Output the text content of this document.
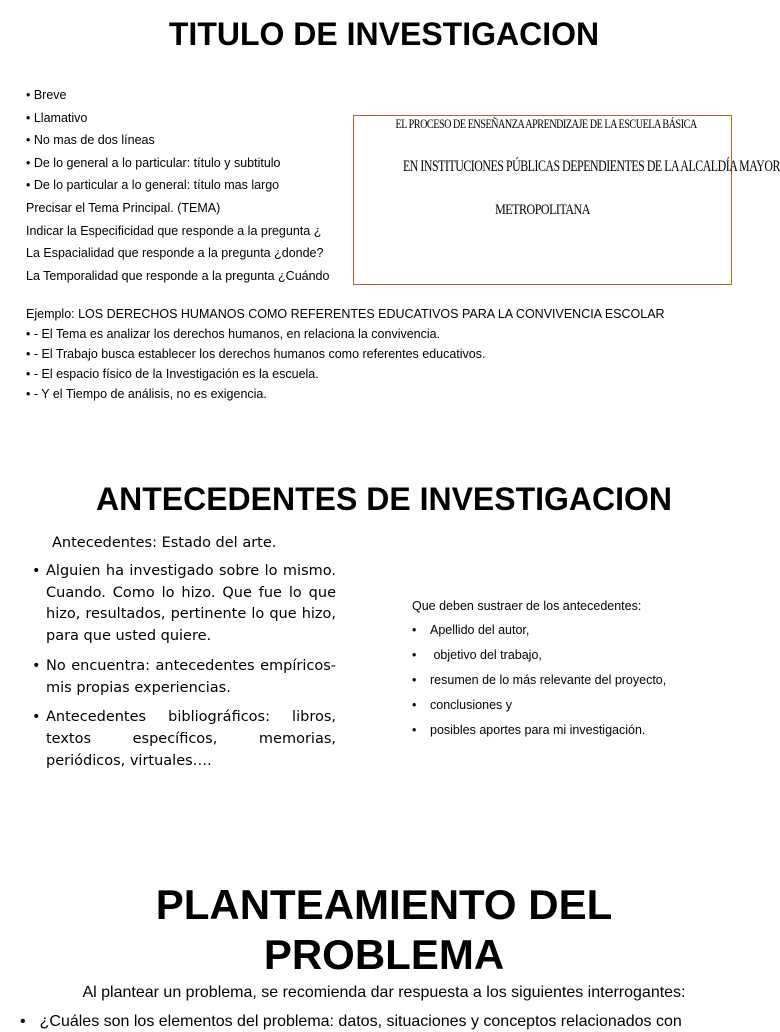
TITULO DE INVESTIGACION
• Breve
• Llamativo
• No mas de dos líneas
• De lo general a lo particular: título y subtitulo
• De lo particular a lo general: título mas largo
Precisar el Tema Principal. (TEMA)
Indicar la Especificidad que responde a la pregunta ¿
La Espacialidad que responde a la pregunta ¿donde?
La Temporalidad que responde a la pregunta ¿Cuándo
EL PROCESO DE ENSEÑANZA APRENDIZAJE DE LA ESCUELA BÁSICA
EN INSTITUCIONES PÚBLICAS DEPENDIENTES DE LA ALCALDÍA MAYOR
METROPOLITANA
Ejemplo: LOS DERECHOS HUMANOS COMO REFERENTES EDUCATIVOS PARA LA CONVIVENCIA ESCOLAR
• - El Tema es analizar los derechos humanos, en relaciona la convivencia.
• - El Trabajo busca establecer los derechos humanos como referentes educativos.
• - El espacio físico de la Investigación es la escuela.
• - Y el Tiempo de análisis, no es exigencia.
ANTECEDENTES DE INVESTIGACION
Antecedentes: Estado del arte.
• Alguien ha investigado sobre lo mismo. Cuando. Como lo hizo. Que fue lo que hizo, resultados, pertinente lo que hizo, para que usted quiere.
• No encuentra: antecedentes empíricos- mis propias experiencias.
• Antecedentes bibliográficos: libros, textos específicos, memorias, periódicos, virtuales….
Que deben sustraer de los antecedentes:
• Apellido del autor,
• objetivo del trabajo,
• resumen de lo más relevante del proyecto,
• conclusiones y
• posibles aportes para mi investigación.
PLANTEAMIENTO DEL
PROBLEMA
Al plantear un problema, se recomienda dar respuesta a los siguientes interrogantes:
• ¿Cuáles son los elementos del problema: datos, situaciones y conceptos relacionados con
